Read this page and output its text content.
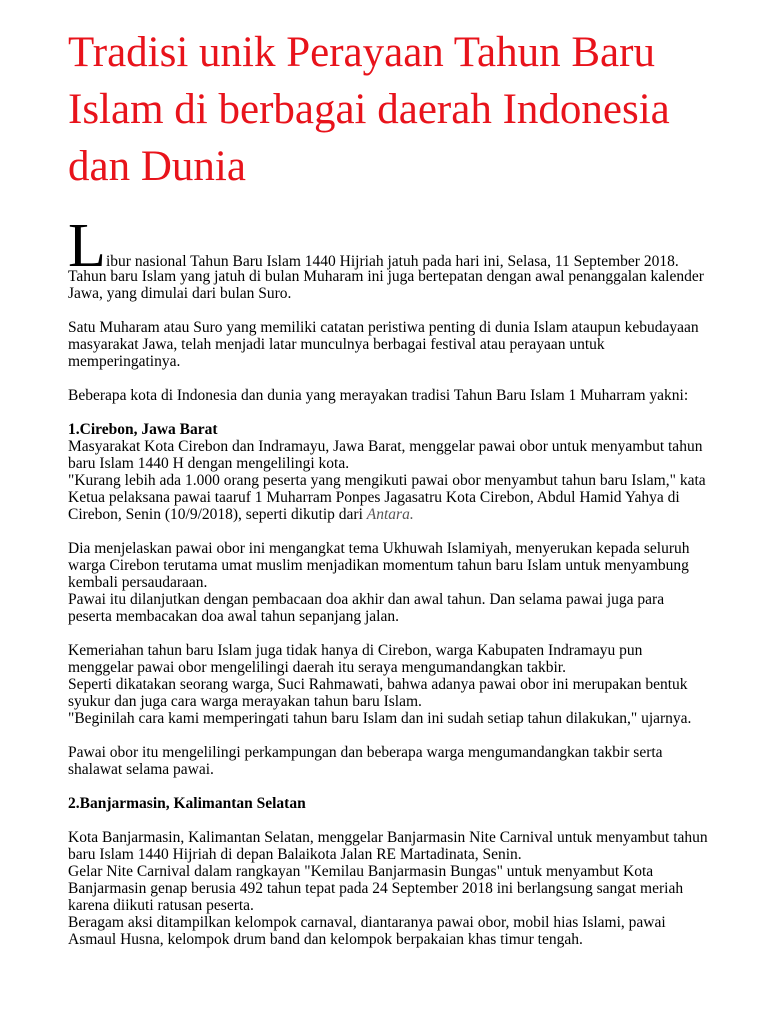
Tradisi unik Perayaan Tahun Baru Islam di berbagai daerah Indonesia dan Dunia
L ibur nasional Tahun Baru Islam 1440 Hijriah jatuh pada hari ini, Selasa, 11 September 2018.

Tahun baru Islam yang jatuh di bulan Muharam ini juga bertepatan dengan awal penanggalan kalender Jawa, yang dimulai dari bulan Suro.

Satu Muharam atau Suro yang memiliki catatan peristiwa penting di dunia Islam ataupun kebudayaan masyarakat Jawa, telah menjadi latar munculnya berbagai festival atau perayaan untuk memperingatinya.

Beberapa kota di Indonesia dan dunia yang merayakan tradisi Tahun Baru Islam 1 Muharram yakni:

1.Cirebon, Jawa Barat

Masyarakat Kota Cirebon dan Indramayu, Jawa Barat, menggelar pawai obor untuk menyambut tahun baru Islam 1440 H dengan mengelilingi kota.

"Kurang lebih ada 1.000 orang peserta yang mengikuti pawai obor menyambut tahun baru Islam," kata Ketua pelaksana pawai taaruf 1 Muharram Ponpes Jagasatru Kota Cirebon, Abdul Hamid Yahya di Cirebon, Senin (10/9/2018), seperti dikutip dari Antara.

Dia menjelaskan pawai obor ini mengangkat tema Ukhuwah Islamiyah, menyerukan kepada seluruh warga Cirebon terutama umat muslim menjadikan momentum tahun baru Islam untuk menyambung kembali persaudaraan.

Pawai itu dilanjutkan dengan pembacaan doa akhir dan awal tahun. Dan selama pawai juga para peserta membacakan doa awal tahun sepanjang jalan.

Kemeriahan tahun baru Islam juga tidak hanya di Cirebon, warga Kabupaten Indramayu pun menggelar pawai obor mengelilingi daerah itu seraya mengumandangkan takbir.

Seperti dikatakan seorang warga, Suci Rahmawati, bahwa adanya pawai obor ini merupakan bentuk syukur dan juga cara warga merayakan tahun baru Islam.

"Beginilah cara kami memperingati tahun baru Islam dan ini sudah setiap tahun dilakukan," ujarnya.

Pawai obor itu mengelilingi perkampungan dan beberapa warga mengumandangkan takbir serta shalawat selama pawai.

2.Banjarmasin, Kalimantan Selatan

Kota Banjarmasin, Kalimantan Selatan, menggelar Banjarmasin Nite Carnival untuk menyambut tahun baru Islam 1440 Hijriah di depan Balaikota Jalan RE Martadinata, Senin.

Gelar Nite Carnival dalam rangkayan "Kemilau Banjarmasin Bungas" untuk menyambut Kota Banjarmasin genap berusia 492 tahun tepat pada 24 September 2018 ini berlangsung sangat meriah karena diikuti ratusan peserta.

Beragam aksi ditampilkan kelompok carnaval, diantaranya pawai obor, mobil hias Islami, pawai Asmaul Husna, kelompok drum band dan kelompok berpakaian khas timur tengah.
